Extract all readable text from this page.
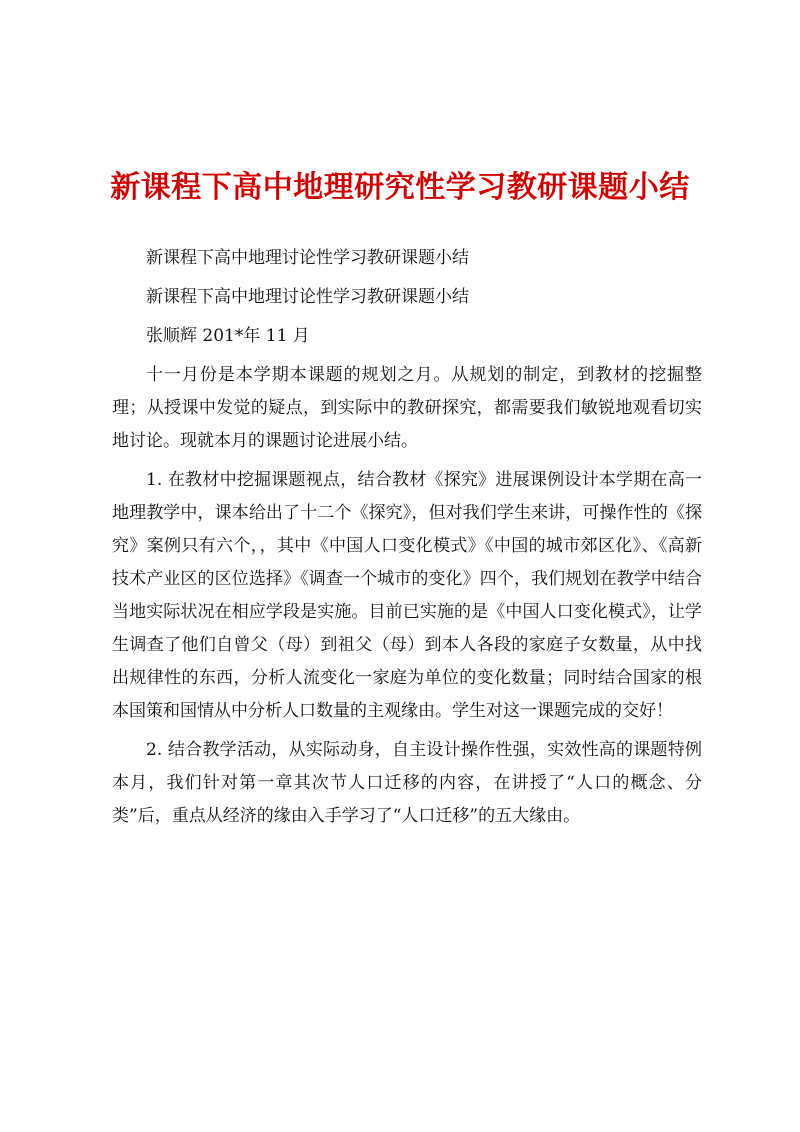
新课程下高中地理研究性学习教研课题小结

新课程下高中地理讨论性学习教研课题小结

新课程下高中地理讨论性学习教研课题小结

张顺辉 201*年 11 月

十一月份是本学期本课题的规划之月。从规划的制定，到教材的挖掘整理；从授课中发觉的疑点，到实际中的教研探究，都需要我们敏锐地观看切实地讨论。现就本月的课题讨论进展小结。

1. 在教材中挖掘课题视点，结合教材《探究》进展课例设计本学期在高一地理教学中，课本给出了十二个《探究》，但对我们学生来讲，可操作性的《探究》案例只有六个，，其中《中国人口变化模式》《中国的城市郊区化》、《高新技术产业区的区位选择》《调查一个城市的变化》四个，我们规划在教学中结合当地实际状况在相应学段是实施。目前已实施的是《中国人口变化模式》，让学生调查了他们自曾父（母）到祖父（母）到本人各段的家庭子女数量，从中找出规律性的东西，分析人流变化一家庭为单位的变化数量；同时结合国家的根本国策和国情从中分析人口数量的主观缘由。学生对这一课题完成的交好！

2. 结合教学活动，从实际动身，自主设计操作性强，实效性高的课题特例本月，我们针对第一章其次节人口迁移的内容，在讲授了“人口的概念、分类”后，重点从经济的缘由入手学习了“人口迁移”的五大缘由。
